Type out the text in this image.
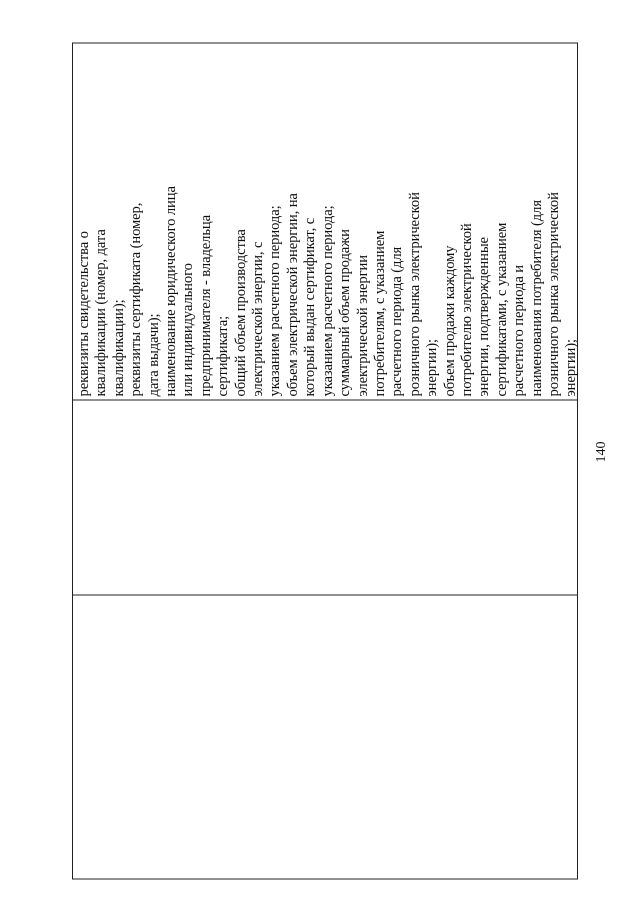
140
реквизиты свидетельства о
квалификации (номер, дата
квалификации);
реквизиты сертификата (номер,
дата выдачи);
наименование юридического лица
или индивидуального
предпринимателя - владельца
сертификата;
общий объем производства
электрической энергии, с
указанием расчетного периода;
объем электрической энергии, на
который выдан сертификат, с
указанием расчетного периода;
суммарный объем продажи
электрической энергии
потребителям, с указанием
расчетного периода (для
розничного рынка электрической
энергии);
объем продажи каждому
потребителю электрической
энергии, подтвержденные
сертификатами, с указанием
расчетного периода и
наименования потребителя (для
розничного рынка электрической
энергии);
